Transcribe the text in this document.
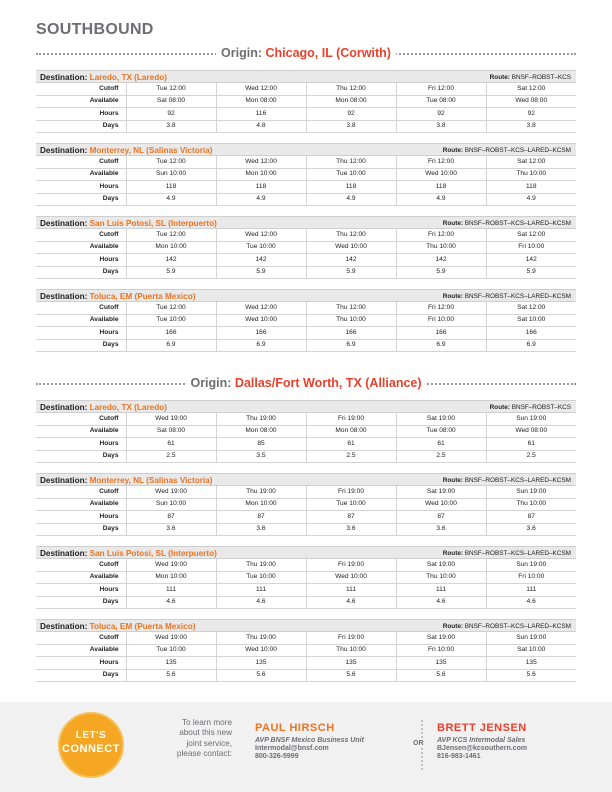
SOUTHBOUND
Origin: Chicago, IL (Corwith)
Destination: Laredo, TX (Laredo)	Route: BNSF–ROBST–KCS
Cutoff	Tue 12:00	Wed 12:00	Thu 12:00	Fri 12:00	Sat 12:00
Available	Sat 08:00	Mon 08:00	Mon 08:00	Tue 08:00	Wed 08:00
Hours	92	116	92	92	92
Days	3.8	4.8	3.8	3.8	3.8
Destination: Monterrey, NL (Salinas Victoria)	Route: BNSF–ROBST–KCS–LARED–KCSM
Cutoff	Tue 12:00	Wed 12:00	Thu 12:00	Fri 12:00	Sat 12:00
Available	Sun 10:00	Mon 10:00	Tue 10:00	Wed 10:00	Thu 10:00
Hours	118	118	118	118	118
Days	4.9	4.9	4.9	4.9	4.9
Destination: San Luis Potosi, SL (Interpuerto)	Route: BNSF–ROBST–KCS–LARED–KCSM
Cutoff	Tue 12:00	Wed 12:00	Thu 12:00	Fri 12:00	Sat 12:00
Available	Mon 10:00	Tue 10:00	Wed 10:00	Thu 10:00	Fri 10:00
Hours	142	142	142	142	142
Days	5.9	5.9	5.9	5.9	5.9
Destination: Toluca, EM (Puerta Mexico)	Route: BNSF–ROBST–KCS–LARED–KCSM
Cutoff	Tue 12:00	Wed 12:00	Thu 12:00	Fri 12:00	Sat 12:00
Available	Tue 10:00	Wed 10:00	Thu 10:00	Fri 10:00	Sat 10:00
Hours	166	166	166	166	166
Days	6.9	6.9	6.9	6.9	6.9
Origin: Dallas/Fort Worth, TX (Alliance)
Destination: Laredo, TX (Laredo)	Route: BNSF–ROBST–KCS
Cutoff	Wed 19:00	Thu 19:00	Fri 19:00	Sat 19:00	Sun 19:00
Available	Sat 08:00	Mon 08:00	Mon 08:00	Tue 08:00	Wed 08:00
Hours	61	85	61	61	61
Days	2.5	3.5	2.5	2.5	2.5
Destination: Monterrey, NL (Salinas Victoria)	Route: BNSF–ROBST–KCS–LARED–KCSM
Cutoff	Wed 19:00	Thu 19:00	Fri 19:00	Sat 19:00	Sun 19:00
Available	Sun 10:00	Mon 10:00	Tue 10:00	Wed 10:00	Thu 10:00
Hours	87	87	87	87	87
Days	3.6	3.6	3.6	3.6	3.6
Destination: San Luis Potosi, SL (Interpuerto)	Route: BNSF–ROBST–KCS–LARED–KCSM
Cutoff	Wed 19:00	Thu 19:00	Fri 19:00	Sat 19:00	Sun 19:00
Available	Mon 10:00	Tue 10:00	Wed 10:00	Thu 10:00	Fri 10:00
Hours	111	111	111	111	111
Days	4.6	4.6	4.6	4.6	4.6
Destination: Toluca, EM (Puerta Mexico)	Route: BNSF–ROBST–KCS–LARED–KCSM
Cutoff	Wed 19:00	Thu 19:00	Fri 19:00	Sat 19:00	Sun 19:00
Available	Tue 10:00	Wed 10:00	Thu 10:00	Fri 10:00	Sat 10:00
Hours	135	135	135	135	135
Days	5.6	5.6	5.6	5.6	5.6
LET'S
CONNECT
To learn more
about this new
joint service,
please contact:
PAUL HIRSCH
AVP BNSF Mexico Business Unit
Intermodal@bnsf.com
800-326-5999
OR
BRETT JENSEN
AVP KCS Intermodal Sales
BJensen@kcsouthern.com
816-983-1461
